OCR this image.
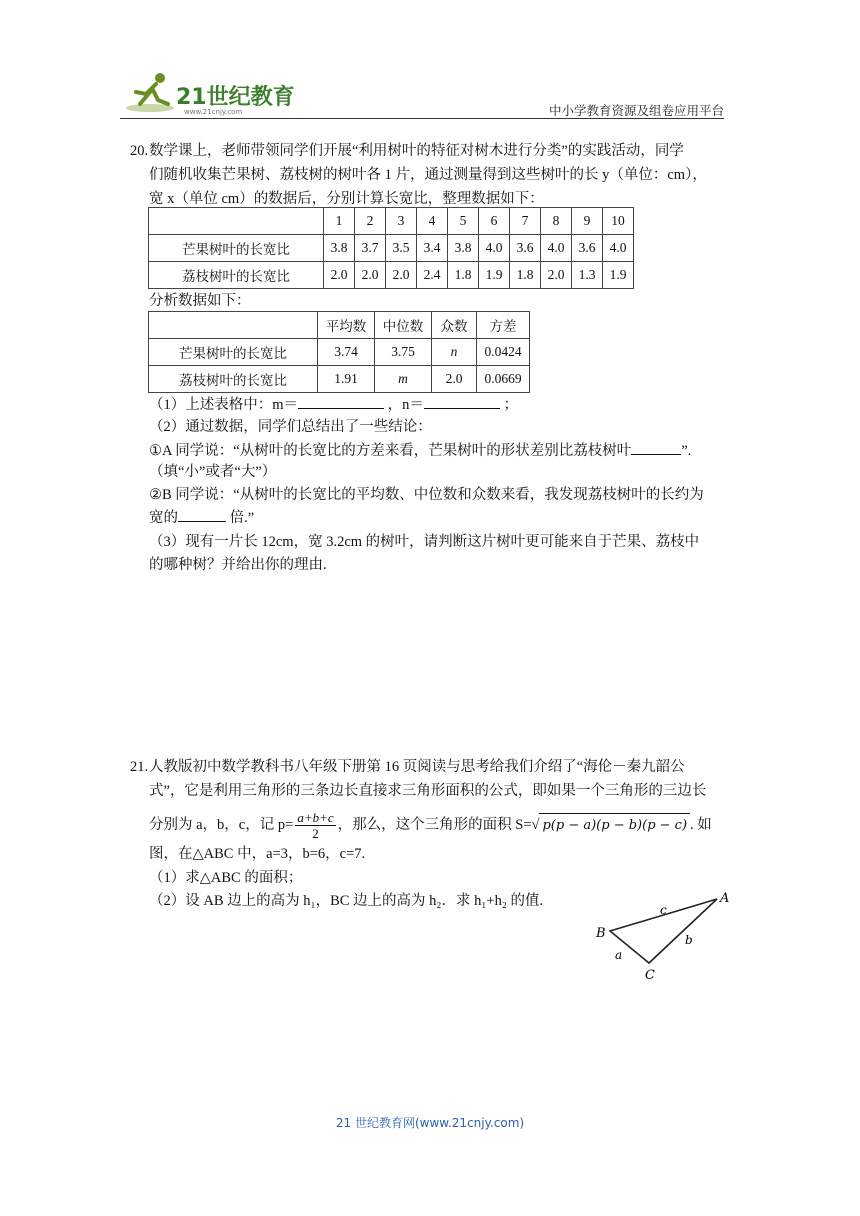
21世纪教育
www.21cnjy.com	中小学教育资源及组卷应用平台
20. 数学课上，老师带领同学们开展“利用树叶的特征对树木进行分类”的实践活动，同学
们随机收集芒果树、荔枝树的树叶各 1 片，通过测量得到这些树叶的长 y（单位：cm），
宽 x（单位 cm）的数据后，分别计算长宽比，整理数据如下：
	1	2	3	4	5	6	7	8	9	10
芒果树叶的长宽比	3.8	3.7	3.5	3.4	3.8	4.0	3.6	4.0	3.6	4.0
荔枝树叶的长宽比	2.0	2.0	2.0	2.4	1.8	1.9	1.8	2.0	1.3	1.9
分析数据如下：
	平均数	中位数	众数	方差
芒果树叶的长宽比	3.74	3.75	n	0.0424
荔枝树叶的长宽比	1.91	m	2.0	0.0669
（1）上述表格中：m＝	，n＝	；
（2）通过数据，同学们总结出了一些结论：
①A 同学说：“从树叶的长宽比的方差来看，芒果树叶的形状差别比荔枝树叶	”.
（填“小”或者“大”）
②B 同学说：“从树叶的长宽比的平均数、中位数和众数来看，我发现荔枝树叶的长约为
宽的	倍.”
（3）现有一片长 12cm，宽 3.2cm 的树叶，请判断这片树叶更可能来自于芒果、荔枝中
的哪种树？并给出你的理由.
21. 人教版初中数学教科书八年级下册第 16 页阅读与思考给我们介绍了“海伦－秦九韶公
式”，它是利用三角形的三条边长直接求三角形面积的公式，即如果一个三角形的三边长
分别为 a，b，c，记 $p= \frac{a+b+c}{2}$ ，那么，这个三角形的面积 S=√ p(p − a)(p − b)(p − c) . 如
图，在△ABC 中，a=3，b=6，c=7.
（1）求△ABC 的面积；
（2）设 AB 边上的高为 h₁，BC 边上的高为 h₂．求 h₁+h₂ 的值.	A
B
C
c
b
a
21 世纪教育网(www.21cnjy.com)
